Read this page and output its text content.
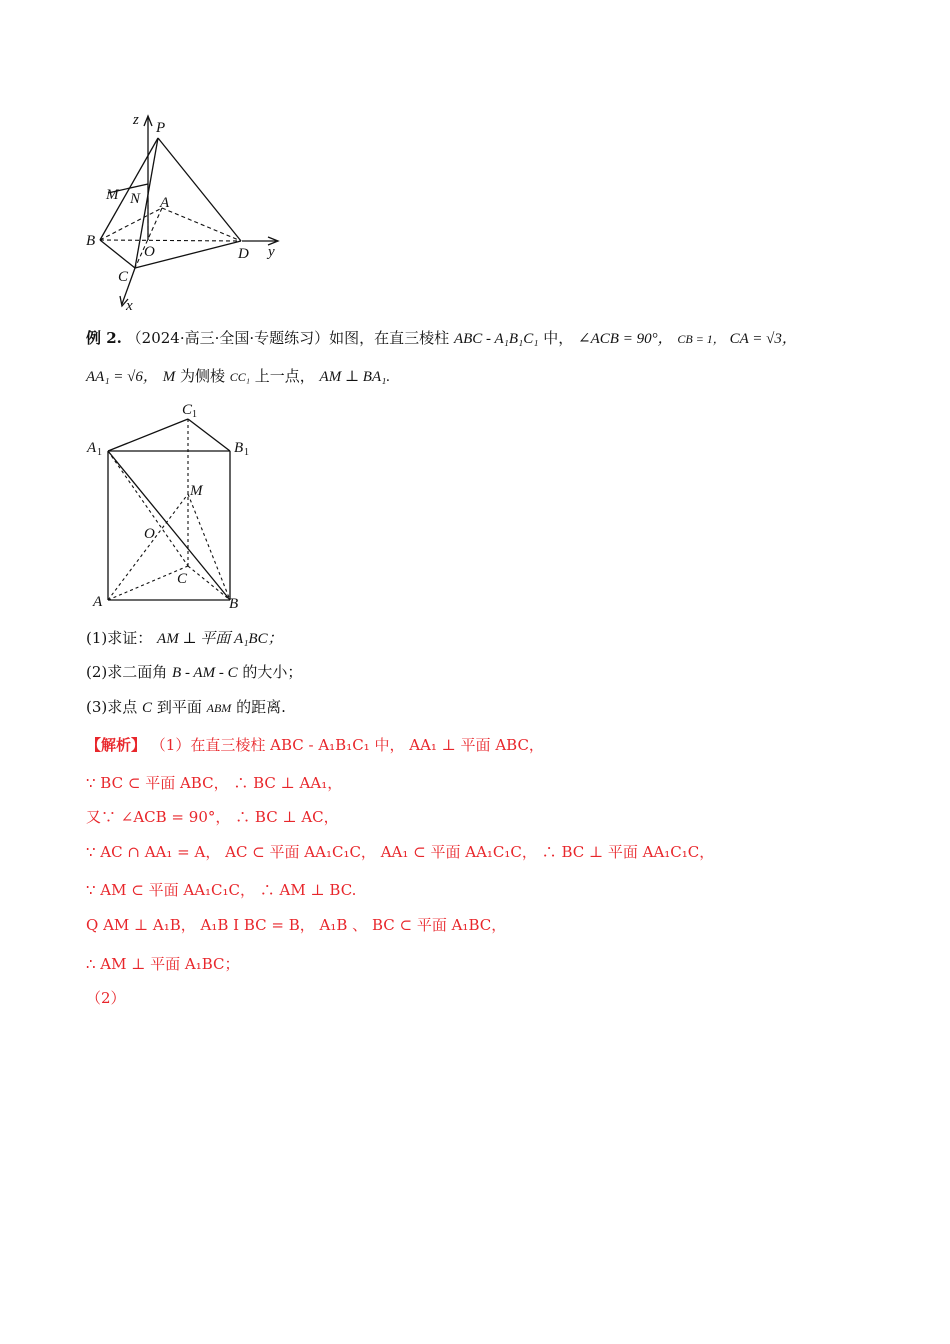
z P
M N A
B
O	D y
C
x
例 2. （2024·高三·全国·专题练习）如图，在直三棱柱 ABC - A₁B₁C₁ 中， ∠ACB = 90°， CB = 1， CA = √3，
AA₁ = √6， M 为侧棱 CC₁ 上一点， AM ⊥ BA₁.
C 1
A 1	B 1
M
O
C
A	B
(1)求证： AM ⊥ 平面 A₁BC；
(2)求二面角 B - AM - C 的大小；
(3)求点 C 到平面 ABM 的距离.
【解析】 （1）在直三棱柱 ABC - A₁B₁C₁ 中， AA₁ ⊥ 平面 ABC，
∵ BC ⊂ 平面 ABC， ∴ BC ⊥ AA₁，
又∵ ∠ACB = 90°， ∴ BC ⊥ AC，
∵ AC ∩ AA₁ = A， AC ⊂ 平面 AA₁C₁C， AA₁ ⊂ 平面 AA₁C₁C， ∴ BC ⊥ 平面 AA₁C₁C，
∵ AM ⊂ 平面 AA₁C₁C， ∴ AM ⊥ BC.
Q AM ⊥ A₁B， A₁B I BC = B， A₁B 、 BC ⊂ 平面 A₁BC，
∴ AM ⊥ 平面 A₁BC；
（2）
